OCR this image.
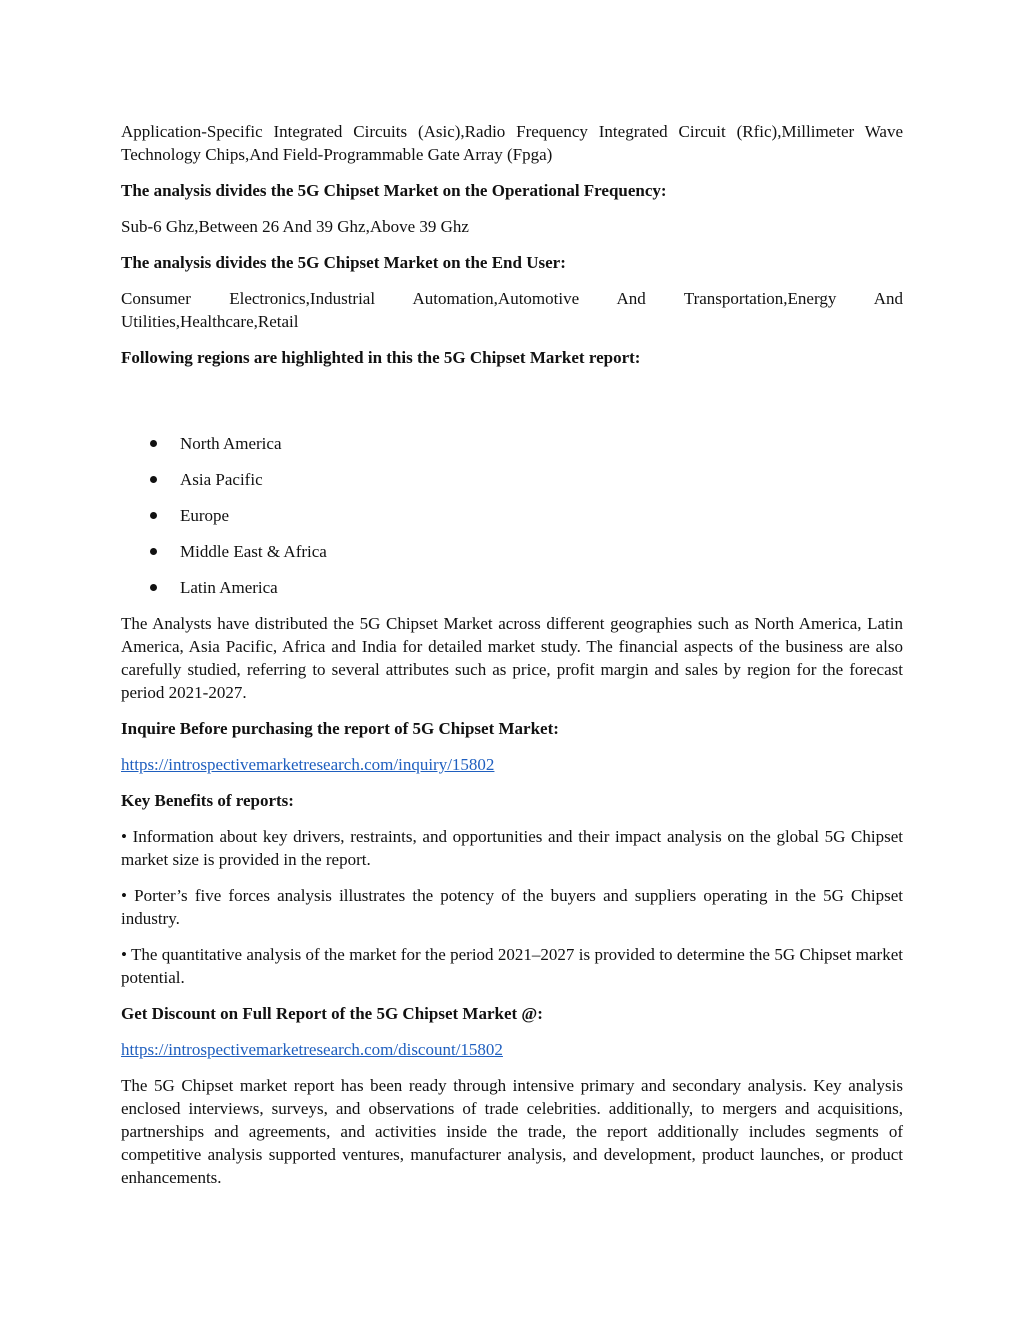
Application-Specific Integrated Circuits (Asic),Radio Frequency Integrated Circuit (Rfic),Millimeter Wave Technology Chips,And Field-Programmable Gate Array (Fpga)

The analysis divides the 5G Chipset Market on the Operational Frequency:

Sub-6 Ghz,Between 26 And 39 Ghz,Above 39 Ghz

The analysis divides the 5G Chipset Market on the End User:

Consumer Electronics,Industrial Automation,Automotive And Transportation,Energy And Utilities,Healthcare,Retail

Following regions are highlighted in this the 5G Chipset Market report:

North America
Asia Pacific
Europe
Middle East & Africa
Latin America

The Analysts have distributed the 5G Chipset Market across different geographies such as North America, Latin America, Asia Pacific, Africa and India for detailed market study. The financial aspects of the business are also carefully studied, referring to several attributes such as price, profit margin and sales by region for the forecast period 2021-2027.

Inquire Before purchasing the report of 5G Chipset Market:

https://introspectivemarketresearch.com/inquiry/15802

Key Benefits of reports:

• Information about key drivers, restraints, and opportunities and their impact analysis on the global 5G Chipset market size is provided in the report.

• Porter’s five forces analysis illustrates the potency of the buyers and suppliers operating in the 5G Chipset industry.

• The quantitative analysis of the market for the period 2021–2027 is provided to determine the 5G Chipset market potential.

Get Discount on Full Report of the 5G Chipset Market @:

https://introspectivemarketresearch.com/discount/15802

The 5G Chipset market report has been ready through intensive primary and secondary analysis. Key analysis enclosed interviews, surveys, and observations of trade celebrities. additionally, to mergers and acquisitions, partnerships and agreements, and activities inside the trade, the report additionally includes segments of competitive analysis supported ventures, manufacturer analysis, and development, product launches, or product enhancements.
